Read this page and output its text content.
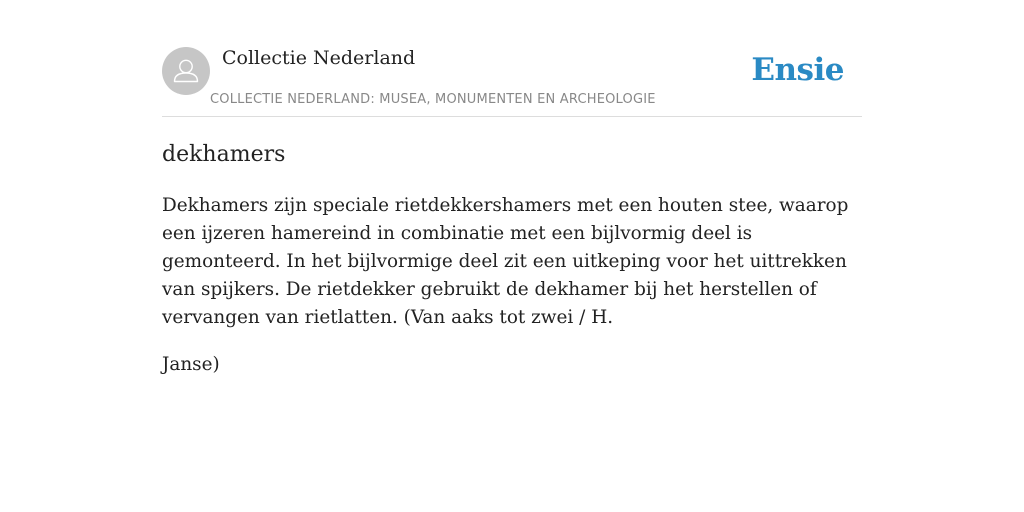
Collectie Nederland
COLLECTIE NEDERLAND: MUSEA, MONUMENTEN EN ARCHEOLOGIE
Ensie
dekhamers

Dekhamers zijn speciale rietdekkershamers met een houten stee, waarop een ijzeren hamereind in combinatie met een bijlvormig deel is gemonteerd. In het bijlvormige deel zit een uitkeping voor het uittrekken van spijkers. De rietdekker gebruikt de dekhamer bij het herstellen of vervangen van rietlatten. (Van aaks tot zwei / H.

Janse)
